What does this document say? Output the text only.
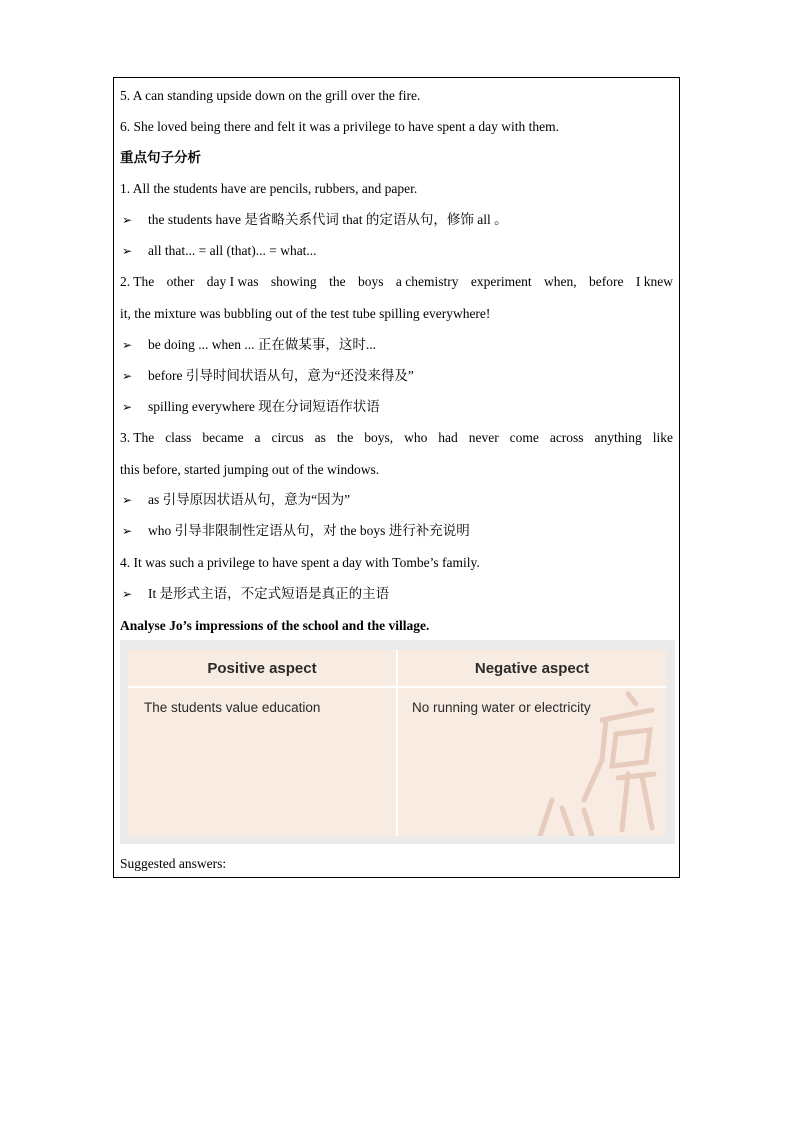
5. A can standing upside down on the grill over the fire.
6. She loved being there and felt it was a privilege to have spent a day with them.
重点句子分析
1. All the students have are pencils, rubbers, and paper.
➢ the students have 是省略关系代词 that 的定语从句，修饰 all 。
➢ all that... = all (that)... = what...
2. The other day I was showing the boys a chemistry experiment when, before I knew
it, the mixture was bubbling out of the test tube spilling everywhere!
➢ be doing ... when ... 正在做某事，这时...
➢ before 引导时间状语从句，意为“还没来得及”
➢ spilling everywhere 现在分词短语作状语
3. The class became a circus as the boys, who had never come across anything like
this before, started jumping out of the windows.
➢ as 引导原因状语从句，意为“因为”
➢ who 引导非限制性定语从句，对 the boys 进行补充说明
4. It was such a privilege to have spent a day with Tombe’s family.
➢ It 是形式主语，不定式短语是真正的主语
Analyse Jo’s impressions of the school and the village.
Positive aspect	Negative aspect
The students value education	No running water or electricity
Suggested answers:
